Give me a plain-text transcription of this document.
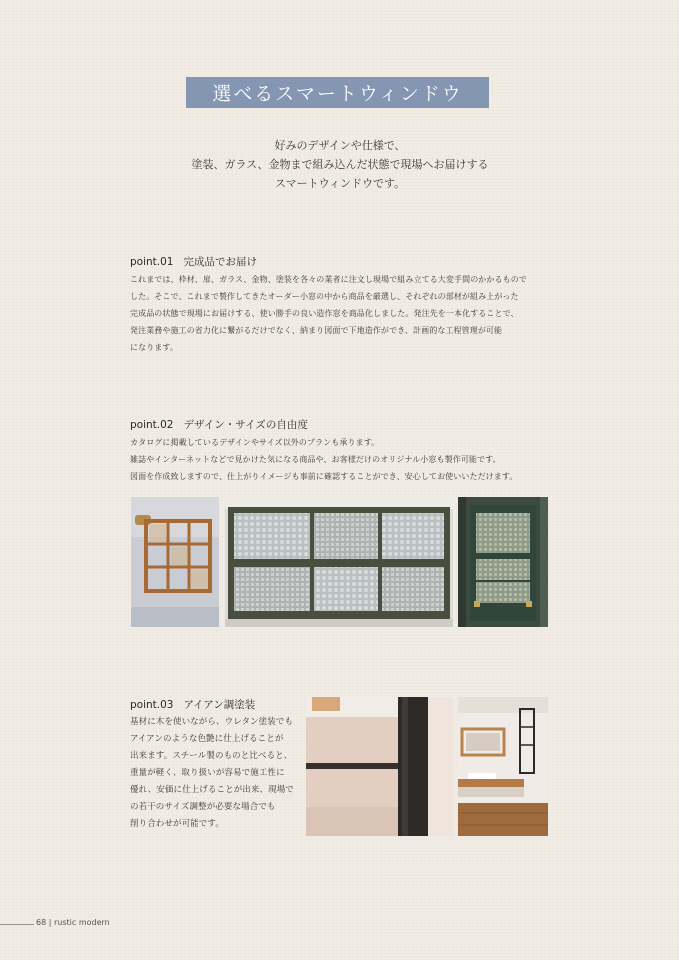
選べるスマートウィンドウ
好みのデザインや仕様で、
塗装、ガラス、金物まで組み込んだ状態で現場へお届けする
スマートウィンドウです。
point.01 完成品でお届け
これまでは、枠材、扉、ガラス、金物、塗装を各々の業者に注文し現場で組み立てる大変手間のかかるもので
した。そこで、これまで製作してきたオーダー小窓の中から商品を厳選し、それぞれの部材が組み上がった
完成品の状態で現場にお届けする、使い勝手の良い造作窓を商品化しました。発注先を一本化することで、
発注業務や施工の省力化に繋がるだけでなく、納まり図面で下地造作ができ、計画的な工程管理が可能
になります。
point.02 デザイン・サイズの自由度
カタログに掲載しているデザインやサイズ以外のプランも承ります。
雑誌やインターネットなどで見かけた気になる商品や、お客様だけのオリジナル小窓も製作可能です。
図面を作成致しますので、仕上がりイメージも事前に確認することができ、安心してお使いいただけます。
point.03 アイアン調塗装
基材に木を使いながら、ウレタン塗装でも
アイアンのような色艶に仕上げることが
出来ます。スチール製のものと比べると、
重量が軽く、取り扱いが容易で施工性に
優れ、安価に仕上げることが出来、現場で
の若干のサイズ調整が必要な場合でも
削り合わせが可能です。
68 | rustic modern
